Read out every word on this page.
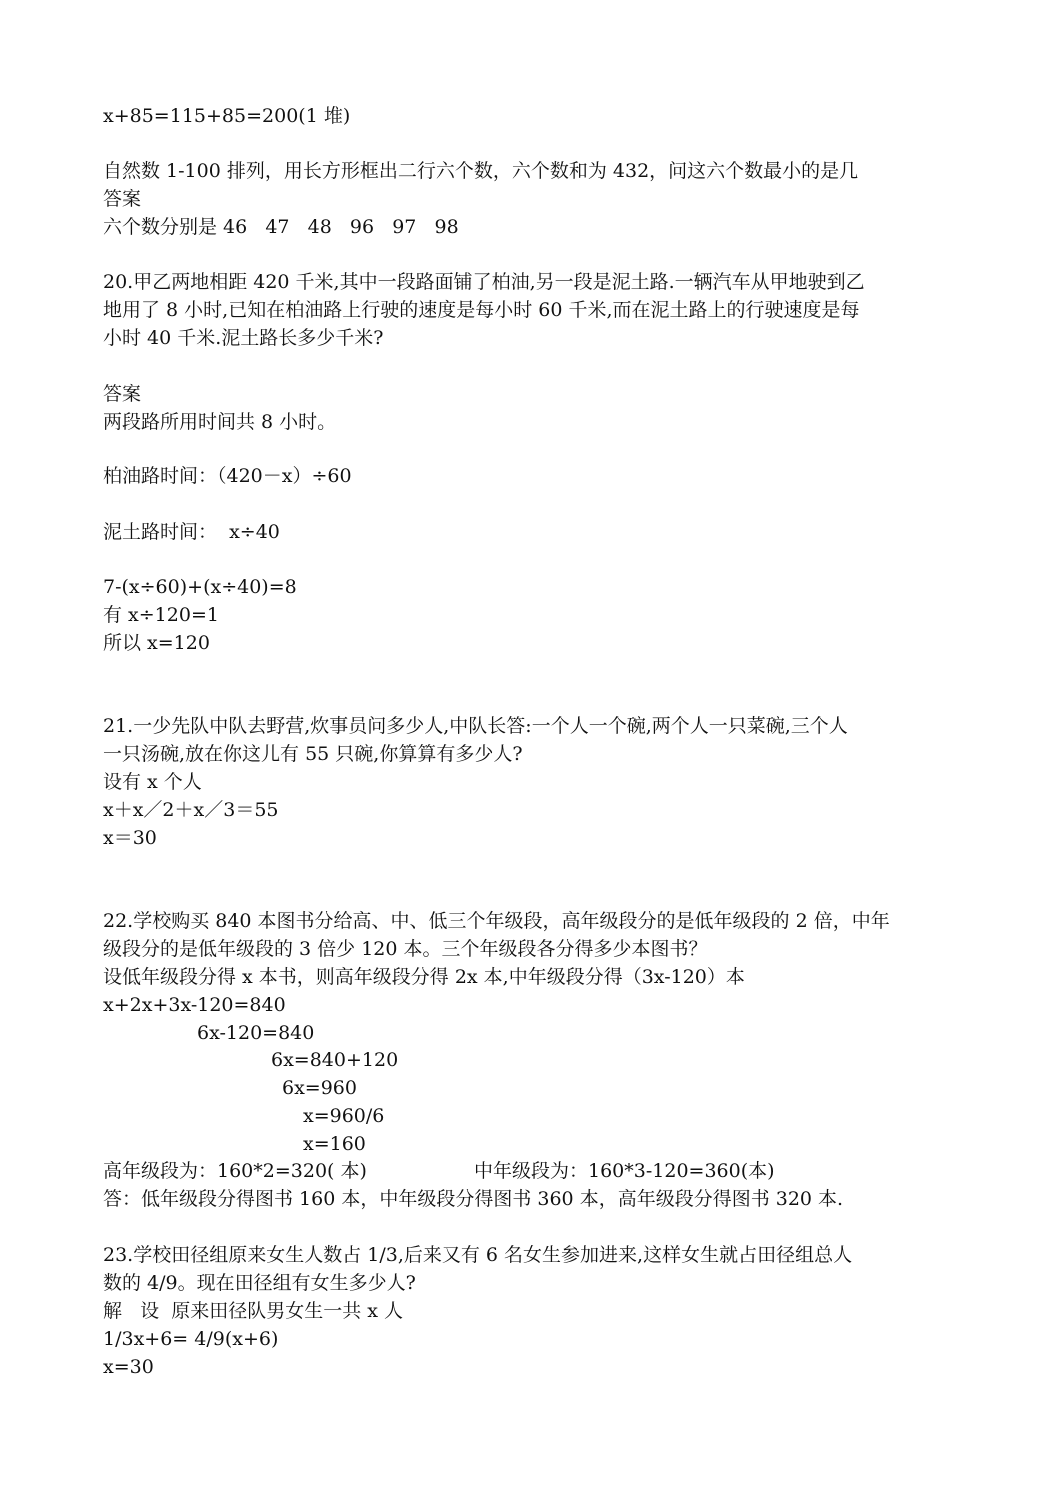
x+85=115+85=200(1 堆)
自然数 1-100 排列，用长方形框出二行六个数，六个数和为 432，问这六个数最小的是几
答案
六个数分别是 46   47   48   96   97   98
20.甲乙两地相距 420 千米,其中一段路面铺了柏油,另一段是泥土路.一辆汽车从甲地驶到乙
地用了 8 小时,已知在柏油路上行驶的速度是每小时 60 千米,而在泥土路上的行驶速度是每
小时 40 千米.泥土路长多少千米?
答案
两段路所用时间共 8 小时。
柏油路时间：（420－x）÷60
泥土路时间：  x÷40
7-(x÷60)+(x÷40)=8
有 x÷120=1
所以 x=120
21.一少先队中队去野营,炊事员问多少人,中队长答:一个人一个碗,两个人一只菜碗,三个人
一只汤碗,放在你这儿有 55 只碗,你算算有多少人?
设有 x 个人
x＋x／2＋x／3＝55
x＝30
22.学校购买 840 本图书分给高、中、低三个年级段，高年级段分的是低年级段的 2 倍，中年
级段分的是低年级段的 3 倍少 120 本。三个年级段各分得多少本图书？
设低年级段分得 x 本书，则高年级段分得 2x 本,中年级段分得（3x-120）本
x+2x+3x-120=840
6x-120=840
6x=840+120
6x=960
x=960/6
x=160
高年级段为：160*2=320( 本)	中年级段为：160*3-120=360(本)
答：低年级段分得图书 160 本，中年级段分得图书 360 本，高年级段分得图书 320 本.
23.学校田径组原来女生人数占 1/3,后来又有 6 名女生参加进来,这样女生就占田径组总人
数的 4/9。现在田径组有女生多少人?
解   设  原来田径队男女生一共 x 人
1/3x+6= 4/9(x+6)
x=30
